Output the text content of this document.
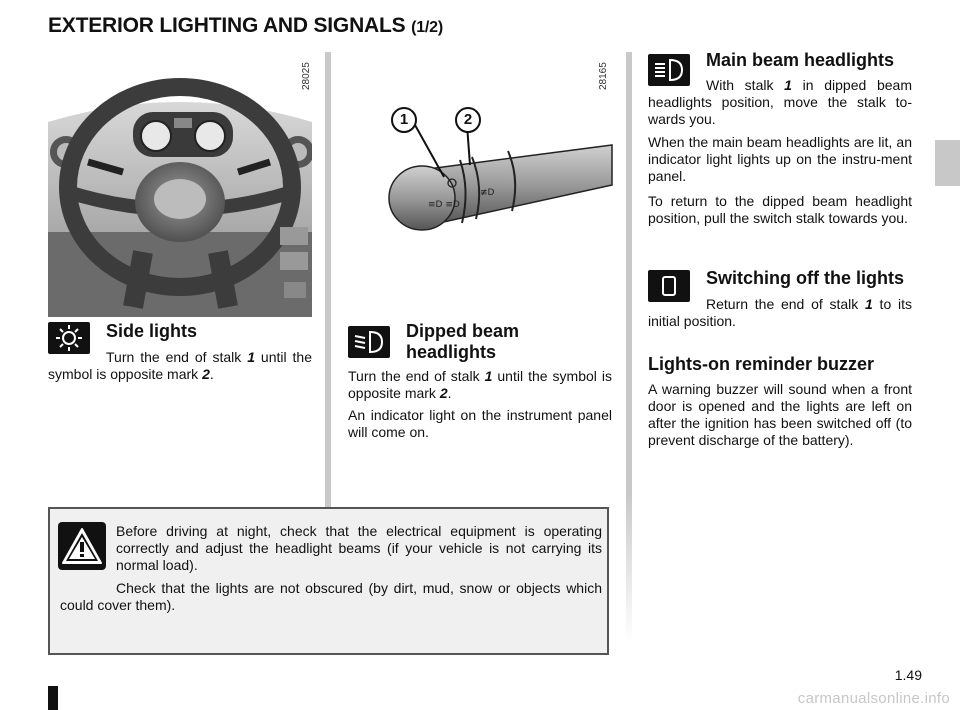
EXTERIOR LIGHTING AND SIGNALS (1/2)
28025
≡D ≡D
≢D
1	2
28165
Side lights

Turn the end of stalk 1 until the symbol is opposite mark 2.

Dipped beam
headlights

Turn the end of stalk 1 until the symbol is opposite mark 2.

An indicator light on the instrument panel will come on.

Main beam headlights

With stalk 1 in dipped beam headlights position, move the stalk to-wards you.

When the main beam headlights are lit, an indicator light lights up on the instru-ment panel.

To return to the dipped beam headlight position, pull the switch stalk towards you.

Switching off the lights

Return the end of stalk 1 to its initial position.

Lights-on reminder buzzer

A warning buzzer will sound when a front door is opened and the lights are left on after the ignition has been switched off (to prevent discharge of the battery).

Before driving at night, check that the electrical equipment is operating correctly and adjust the headlight beams (if your vehicle is not carrying its normal load).

Check that the lights are not obscured (by dirt, mud, snow or objects which could cover them).

1.49
carmanualsonline.info
